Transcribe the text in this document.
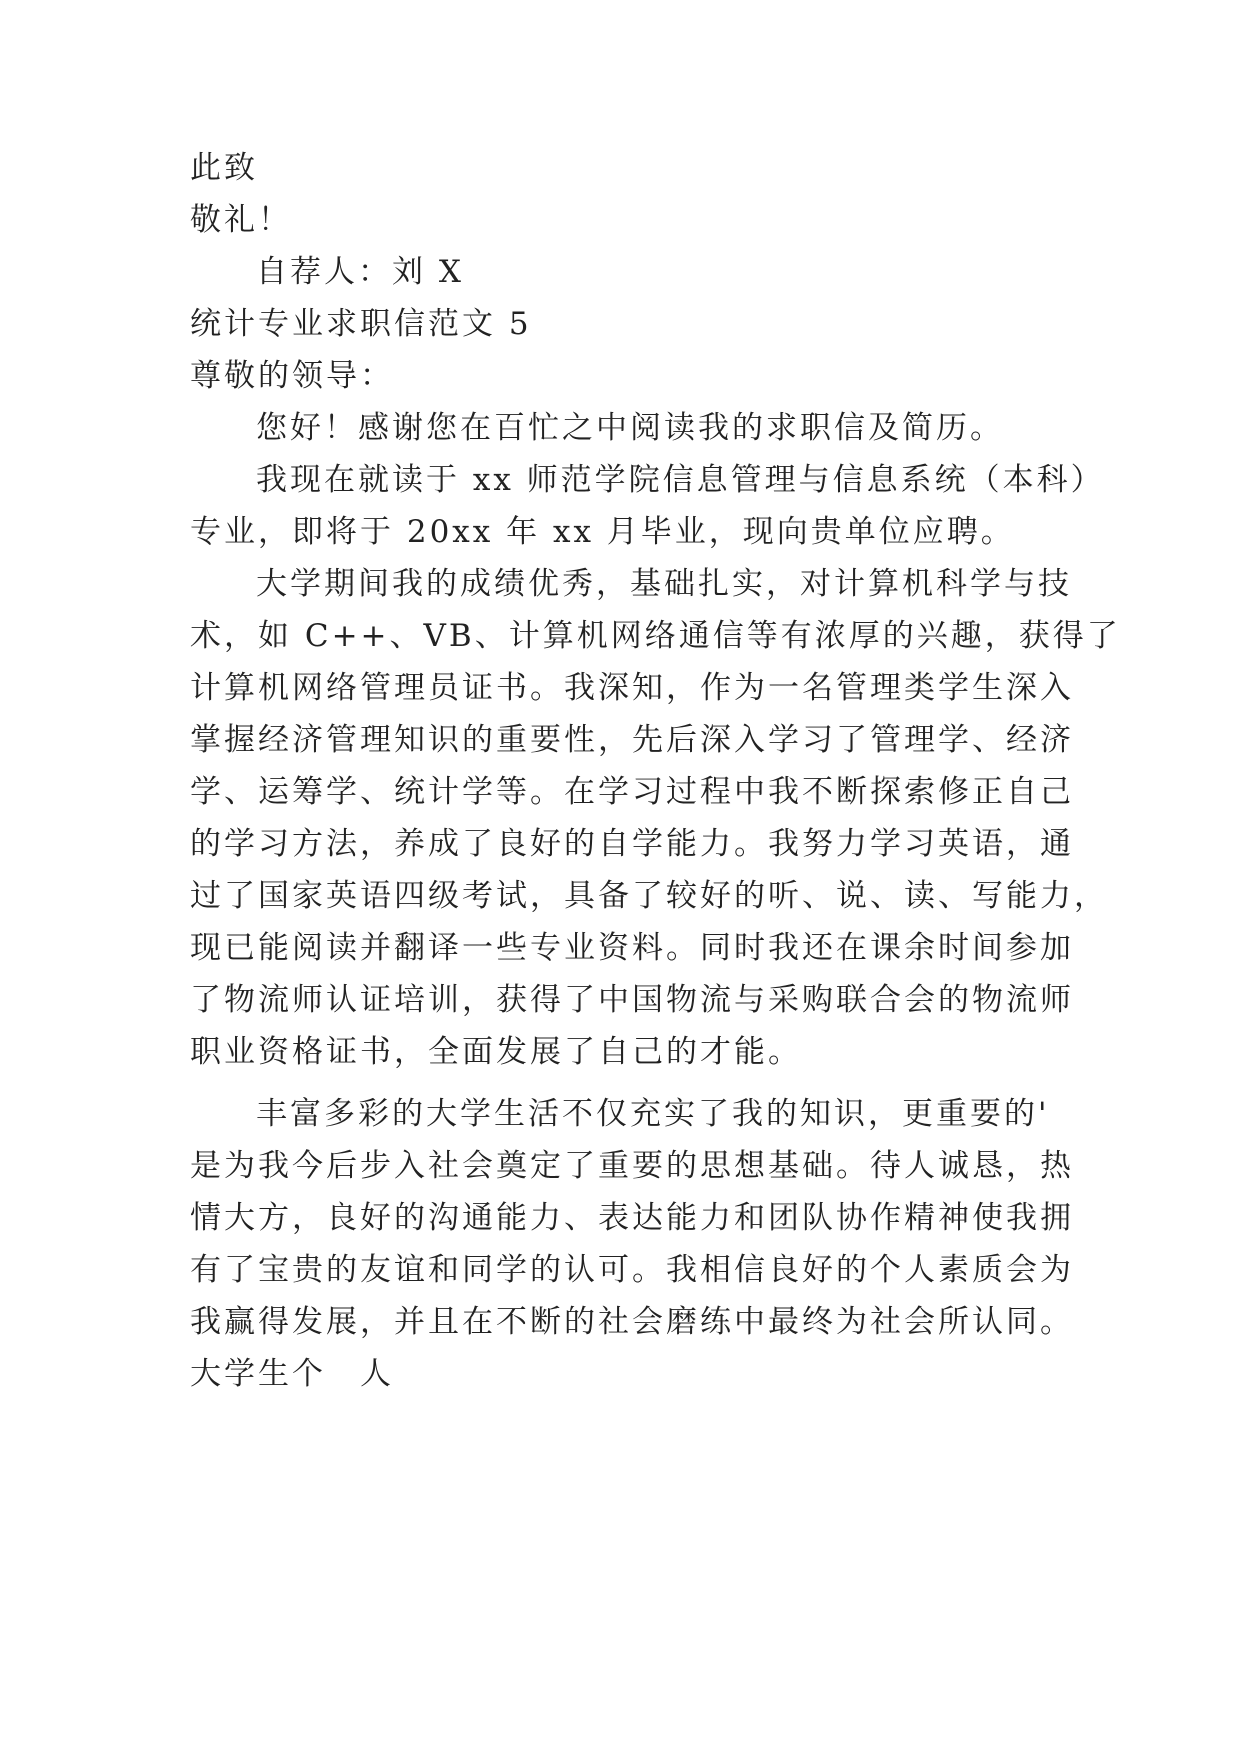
此致
敬礼！
自荐人：刘 X
统计专业求职信范文 5
尊敬的领导：
您好！感谢您在百忙之中阅读我的求职信及简历。
我现在就读于 xx 师范学院信息管理与信息系统（本科）
专业，即将于 20xx 年 xx 月毕业，现向贵单位应聘。
大学期间我的成绩优秀，基础扎实，对计算机科学与技
术，如 C++、VB、计算机网络通信等有浓厚的兴趣，获得了
计算机网络管理员证书。我深知，作为一名管理类学生深入
掌握经济管理知识的重要性，先后深入学习了管理学、经济
学、运筹学、统计学等。在学习过程中我不断探索修正自己
的学习方法，养成了良好的自学能力。我努力学习英语，通
过了国家英语四级考试，具备了较好的听、说、读、写能力，
现已能阅读并翻译一些专业资料。同时我还在课余时间参加
了物流师认证培训，获得了中国物流与采购联合会的物流师
职业资格证书，全面发展了自己的才能。
丰富多彩的大学生活不仅充实了我的知识，更重要的'
是为我今后步入社会奠定了重要的思想基础。待人诚恳，热
情大方，良好的沟通能力、表达能力和团队协作精神使我拥
有了宝贵的友谊和同学的认可。我相信良好的个人素质会为
我赢得发展，并且在不断的社会磨练中最终为社会所认同。
大学生个　人
